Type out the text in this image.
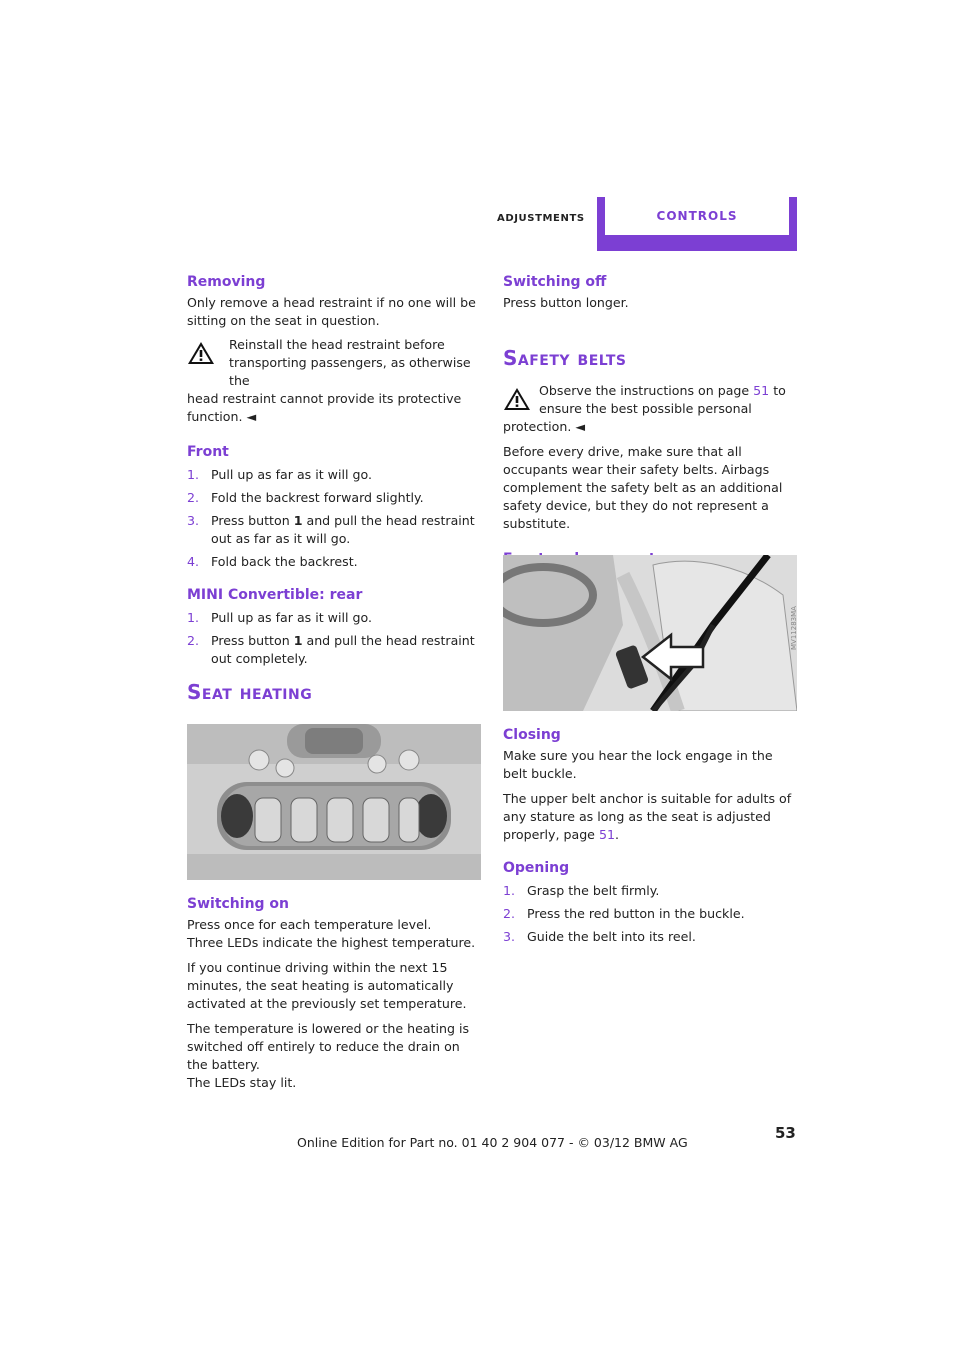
ADJUSTMENTS	CONTROLS
Removing

Only remove a head restraint if no one will be sitting on the seat in question.

Reinstall the head restraint before

transporting passengers, as otherwise the

head restraint cannot provide its protective

function. ◄

Front
1. Pull up as far as it will go.
2. Fold the backrest forward slightly.
3. Press button 1 and pull the head restraint out as far as it will go.
4. Fold back the backrest.
MINI Convertible: rear
1. Pull up as far as it will go.
2. Press button 1 and pull the head restraint out completely.
Seat heating
Switching on

Press once for each temperature level.

Three LEDs indicate the highest temperature.

If you continue driving within the next 15 minutes, the seat heating is automatically activated at the previously set temperature.

The temperature is lowered or the heating is switched off entirely to reduce the drain on the battery.

The LEDs stay lit.

Switching off

Press button longer.

Safety belts

Observe the instructions on page 51 to

ensure the best possible personal

protection. ◄

Before every drive, make sure that all occupants wear their safety belts. Airbags complement the safety belt as an additional safety device, but they do not represent a substitute.

MV11283MA
Closing

Make sure you hear the lock engage in the belt buckle.

The upper belt anchor is suitable for adults of any stature as long as the seat is adjusted properly, page 51.

Opening
1. Grasp the belt firmly.
2. Press the red button in the buckle.
3. Guide the belt into its reel.
53
Online Edition for Part no. 01 40 2 904 077 - © 03/12 BMW AG
